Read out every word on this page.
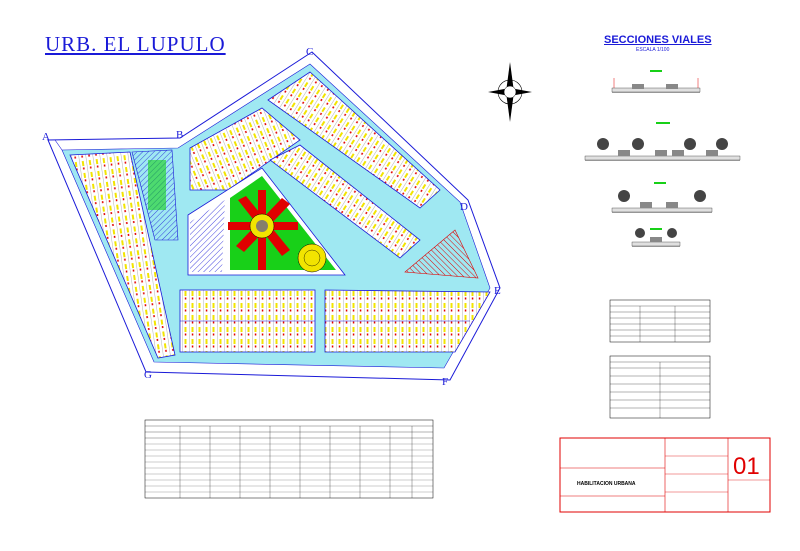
URB. EL LUPULO	SECCIONES VIALES
ESCALA 1/100
A	B
C
D
E
F
G
HABILITACION URBANA
01
